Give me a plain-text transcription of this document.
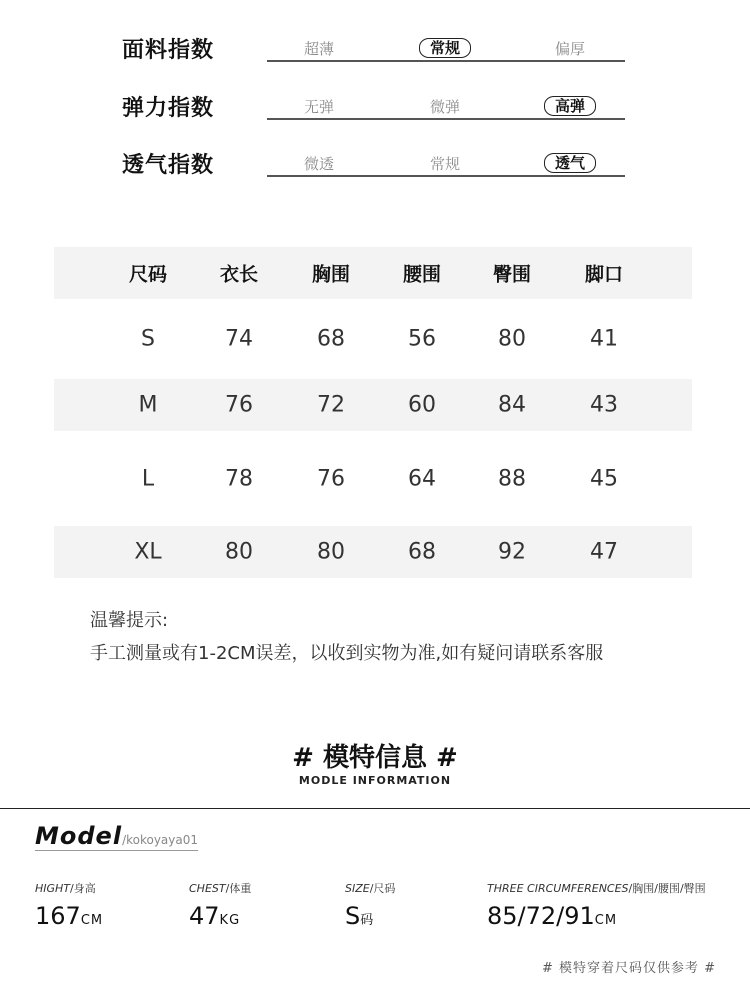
面料指数	超薄	常规	偏厚
弹力指数	无弹	微弹	高弹
透气指数	微透	常规	透气
尺码	衣长	胸围	腰围	臀围	脚口
S	74	68	56	80	41
M	76	72	60	84	43
L	78	76	64	88	45
XL	80	80	68	92	47
温馨提示:
手工测量或有1-2CM误差，以收到实物为准,如有疑问请联系客服
# 模特信息 #
MODLE INFORMATION
Model/kokoyaya01
HIGHT/身高
167CM
CHEST/体重
47KG
SIZE/尺码
S码
THREE CIRCUMFERENCES/胸围/腰围/臀围
85/72/91CM
# 模特穿着尺码仅供参考 #
